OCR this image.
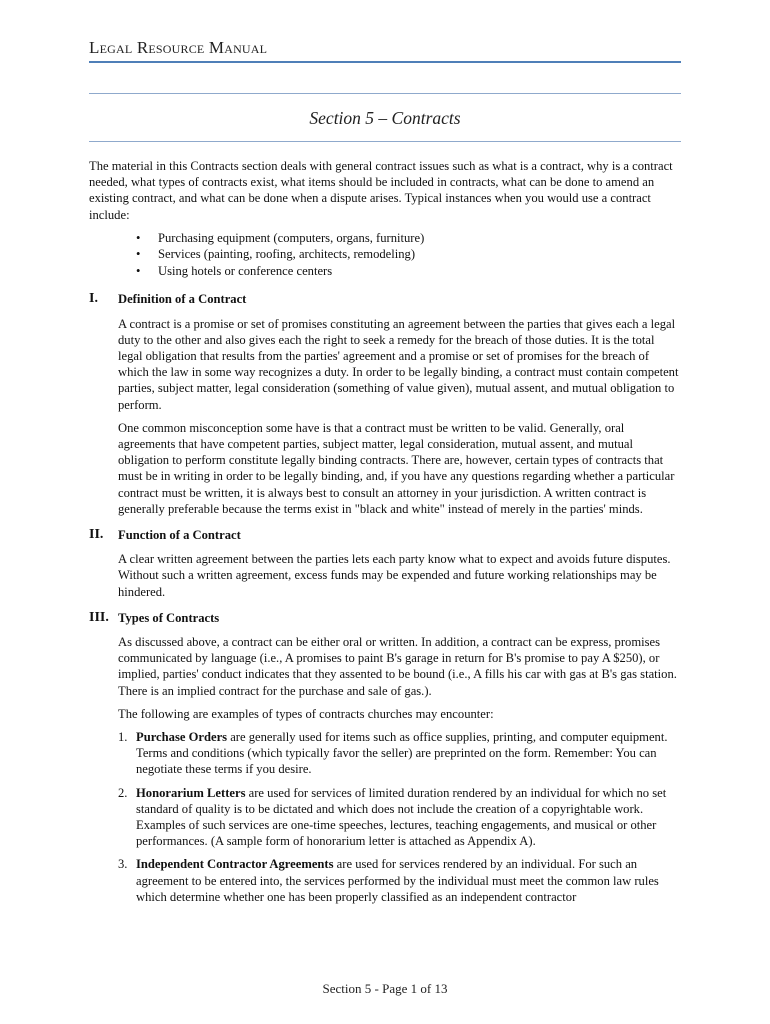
Legal Resource Manual
Section 5 – Contracts

The material in this Contracts section deals with general contract issues such as what is a contract, why is a contract needed, what types of contracts exist, what items should be included in contracts, what can be done to amend an existing contract, and what can be done when a dispute arises. Typical instances when you would use a contract include:

• Purchasing equipment (computers, organs, furniture)
• Services (painting, roofing, architects, remodeling)
• Using hotels or conference centers
I. Definition of a Contract

A contract is a promise or set of promises constituting an agreement between the parties that gives each a legal duty to the other and also gives each the right to seek a remedy for the breach of those duties. It is the total legal obligation that results from the parties' agreement and a promise or set of promises for the breach of which the law in some way recognizes a duty. In order to be legally binding, a contract must contain competent parties, subject matter, legal consideration (something of value given), mutual assent, and mutual obligation to perform.

One common misconception some have is that a contract must be written to be valid. Generally, oral agreements that have competent parties, subject matter, legal consideration, mutual assent, and mutual obligation to perform constitute legally binding contracts. There are, however, certain types of contracts that must be in writing in order to be legally binding, and, if you have any questions regarding whether a particular contract must be written, it is always best to consult an attorney in your jurisdiction. A written contract is generally preferable because the terms exist in "black and white" instead of merely in the parties' minds.

II. Function of a Contract

A clear written agreement between the parties lets each party know what to expect and avoids future disputes. Without such a written agreement, excess funds may be expended and future working relationships may be hindered.

III. Types of Contracts

As discussed above, a contract can be either oral or written. In addition, a contract can be express, promises communicated by language (i.e., A promises to paint B's garage in return for B's promise to pay A $250), or implied, parties' conduct indicates that they assented to be bound (i.e., A fills his car with gas at B's gas station. There is an implied contract for the purchase and sale of gas.).

The following are examples of types of contracts churches may encounter:

1. Purchase Orders are generally used for items such as office supplies, printing, and computer equipment. Terms and conditions (which typically favor the seller) are preprinted on the form. Remember: You can negotiate these terms if you desire.
2. Honorarium Letters are used for services of limited duration rendered by an individual for which no set standard of quality is to be dictated and which does not include the creation of a copyrightable work. Examples of such services are one-time speeches, lectures, teaching engagements, and musical or other performances. (A sample form of honorarium letter is attached as Appendix A).
3. Independent Contractor Agreements are used for services rendered by an individual. For such an agreement to be entered into, the services performed by the individual must meet the common law rules which determine whether one has been properly classified as an independent contractor
Section 5 - Page 1 of 13
